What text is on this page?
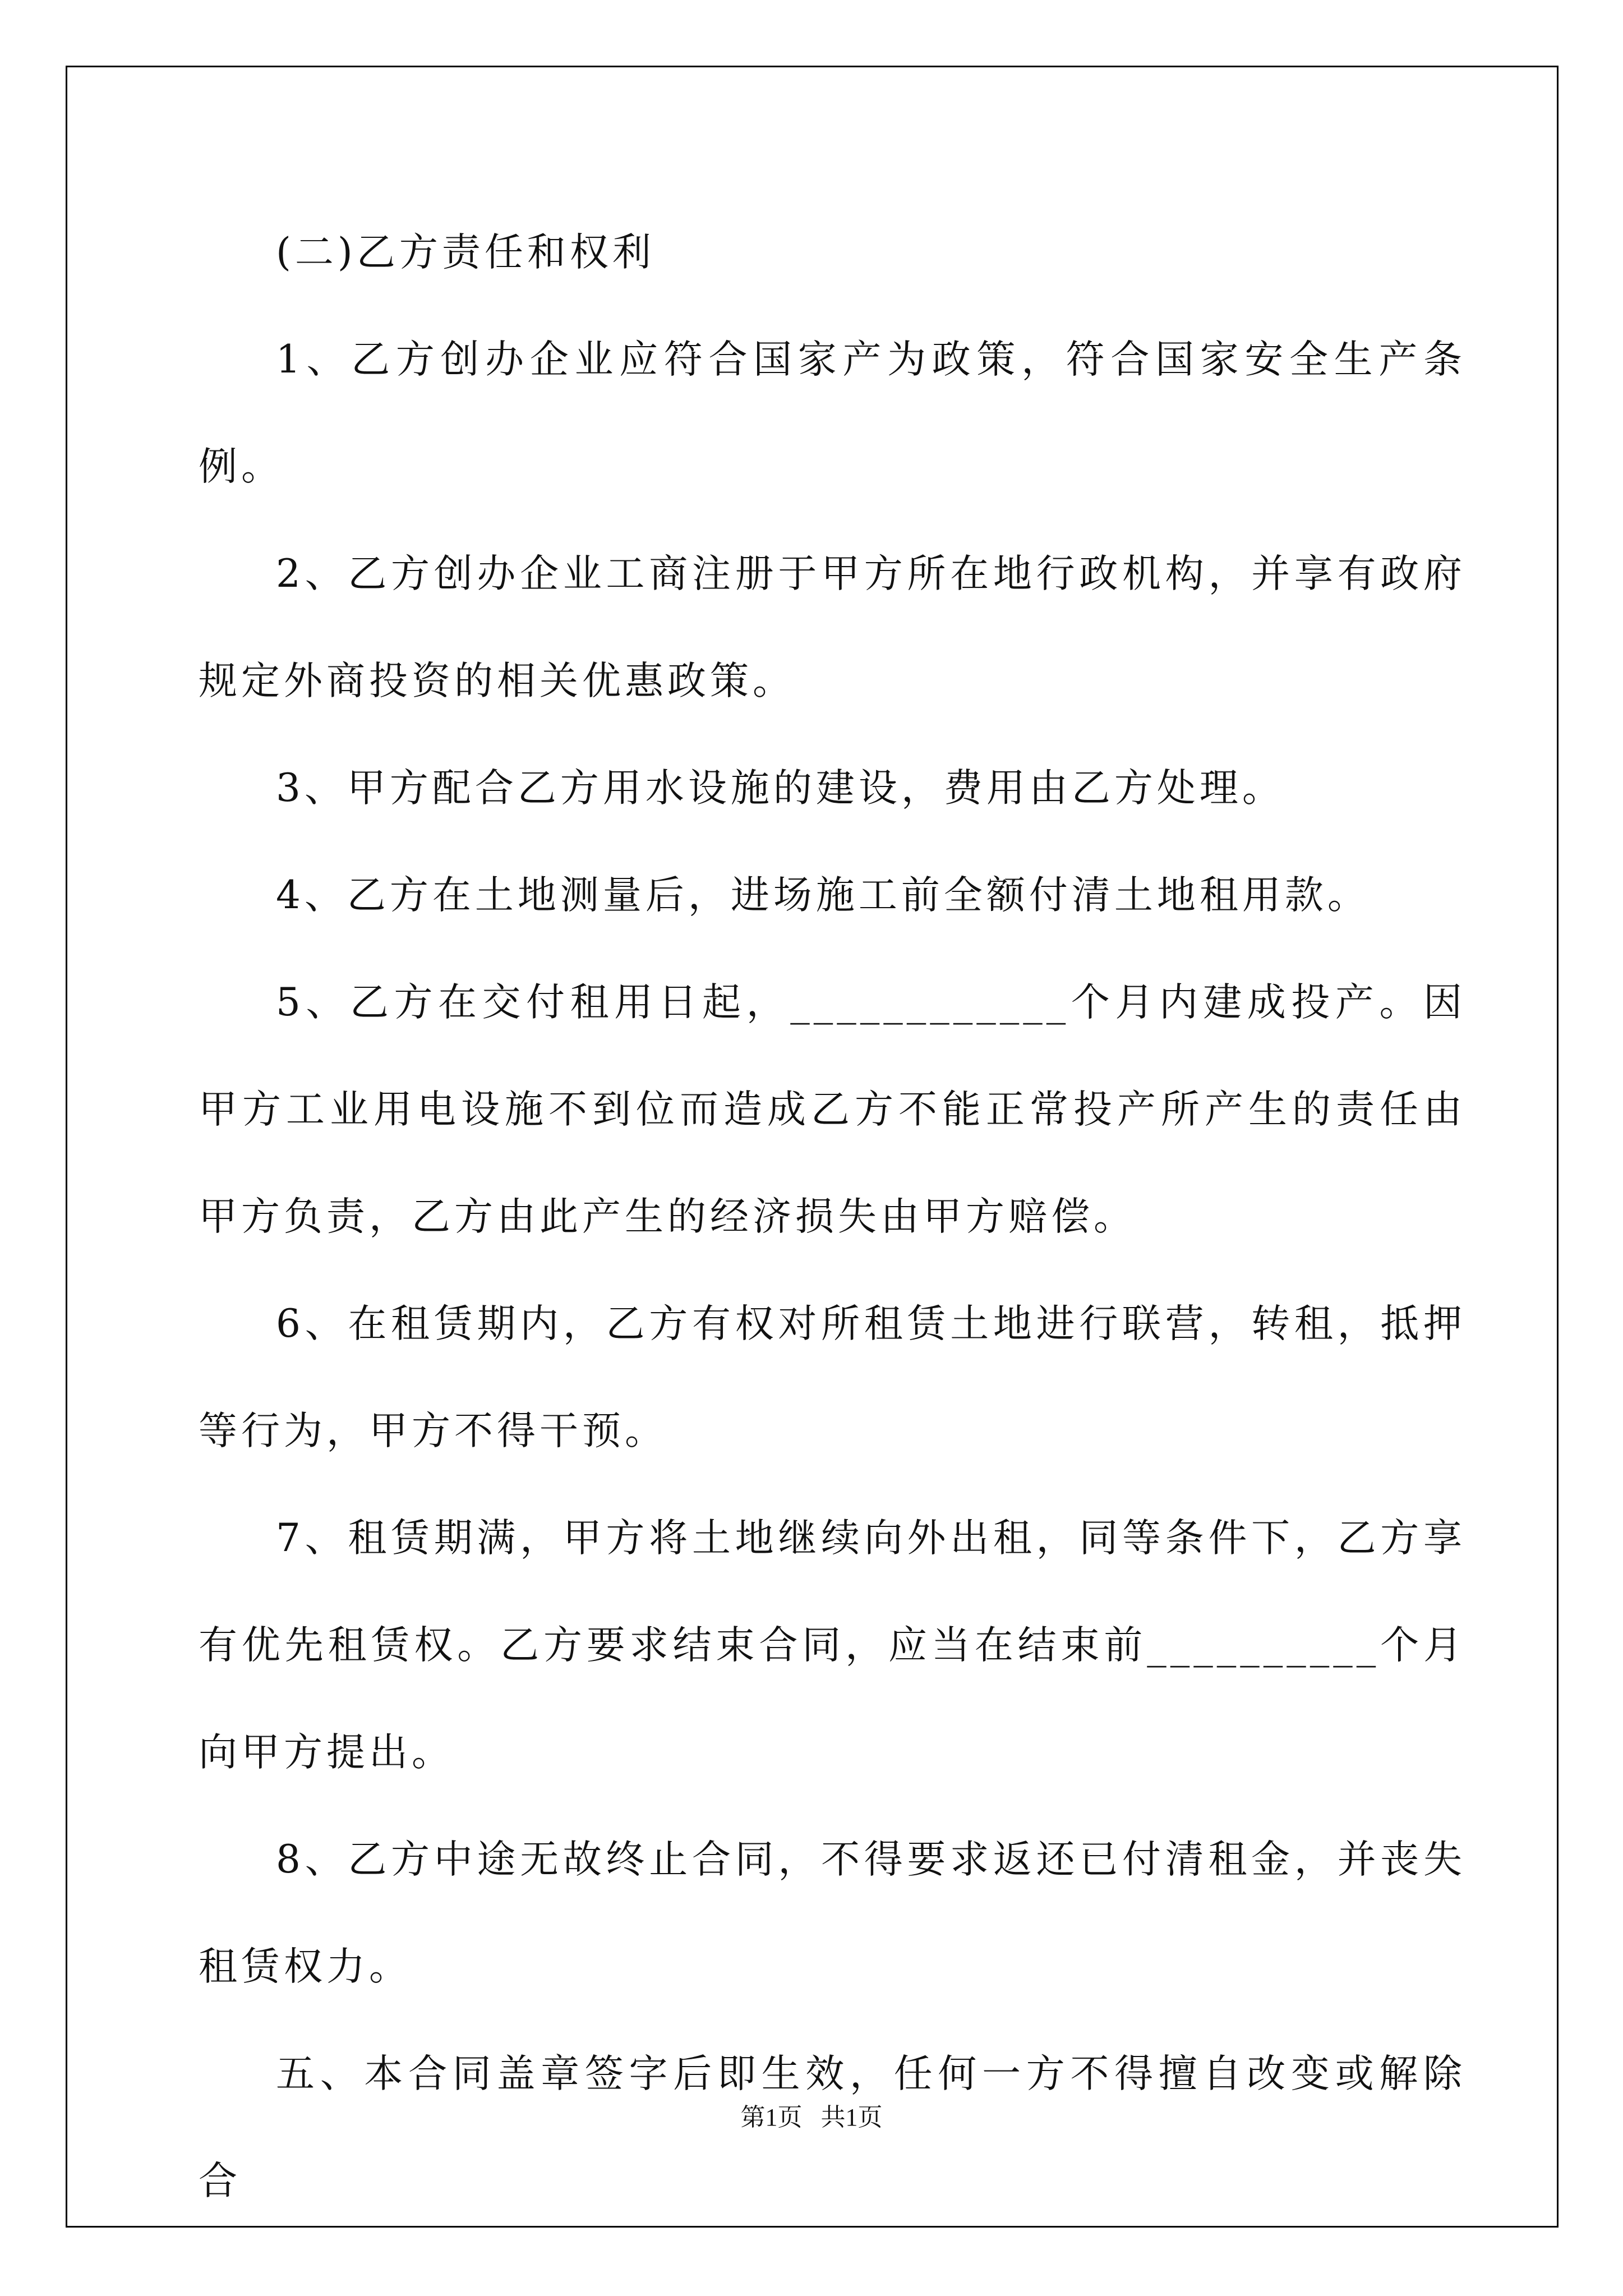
(二)乙方责任和权利

1、乙方创办企业应符合国家产为政策，符合国家安全生产条例。

2、乙方创办企业工商注册于甲方所在地行政机构，并享有政府规定外商投资的相关优惠政策。

3、甲方配合乙方用水设施的建设，费用由乙方处理。

4、乙方在土地测量后，进场施工前全额付清土地租用款。

5、乙方在交付租用日起，____________个月内建成投产。因甲方工业用电设施不到位而造成乙方不能正常投产所产生的责任由甲方负责，乙方由此产生的经济损失由甲方赔偿。

6、在租赁期内，乙方有权对所租赁土地进行联营，转租，抵押等行为，甲方不得干预。

7、租赁期满，甲方将土地继续向外出租，同等条件下，乙方享有优先租赁权。乙方要求结束合同，应当在结束前__________个月向甲方提出。

8、乙方中途无故终止合同，不得要求返还已付清租金，并丧失租赁权力。

五、本合同盖章签字后即生效，任何一方不得擅自改变或解除合

第1页   共1页
